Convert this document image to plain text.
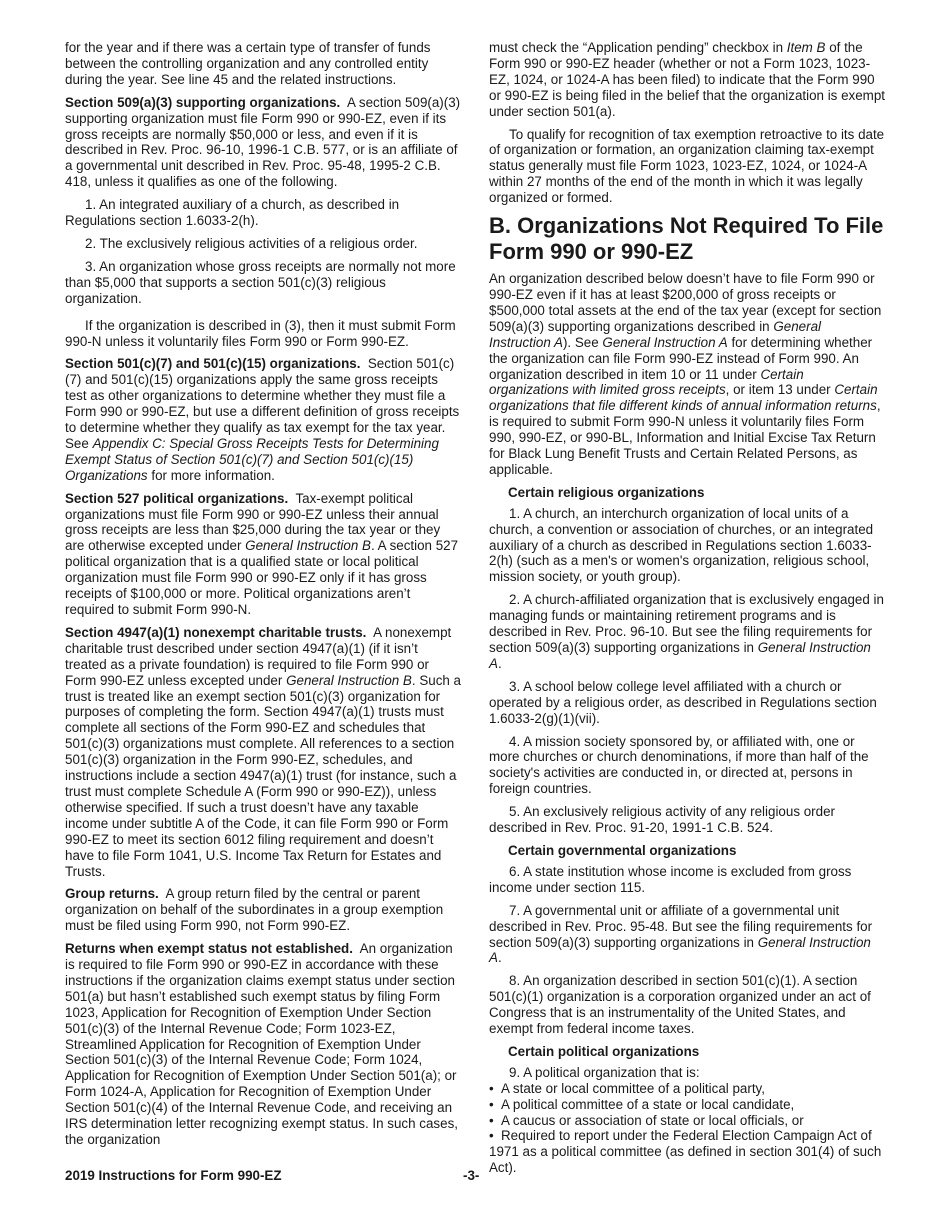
for the year and if there was a certain type of transfer of funds between the controlling organization and any controlled entity during the year. See line 45 and the related instructions.

Section 509(a)(3) supporting organizations. A section 509(a)(3) supporting organization must file Form 990 or 990-EZ, even if its gross receipts are normally $50,000 or less, and even if it is described in Rev. Proc. 96-10, 1996-1 C.B. 577, or is an affiliate of a governmental unit described in Rev. Proc. 95-48, 1995-2 C.B. 418, unless it qualifies as one of the following.

1. An integrated auxiliary of a church, as described in Regulations section 1.6033-2(h).

2. The exclusively religious activities of a religious order.

3. An organization whose gross receipts are normally not more than $5,000 that supports a section 501(c)(3) religious organization.

If the organization is described in (3), then it must submit Form 990-N unless it voluntarily files Form 990 or Form 990-EZ.

Section 501(c)(7) and 501(c)(15) organizations. Section 501(c)(7) and 501(c)(15) organizations apply the same gross receipts test as other organizations to determine whether they must file a Form 990 or 990-EZ, but use a different definition of gross receipts to determine whether they qualify as tax exempt for the tax year. See Appendix C: Special Gross Receipts Tests for Determining Exempt Status of Section 501(c)(7) and Section 501(c)(15) Organizations for more information.

Section 527 political organizations. Tax-exempt political organizations must file Form 990 or 990-EZ unless their annual gross receipts are less than $25,000 during the tax year or they are otherwise excepted under General Instruction B. A section 527 political organization that is a qualified state or local political organization must file Form 990 or 990-EZ only if it has gross receipts of $100,000 or more. Political organizations aren’t required to submit Form 990-N.

Section 4947(a)(1) nonexempt charitable trusts. A nonexempt charitable trust described under section 4947(a)(1) (if it isn’t treated as a private foundation) is required to file Form 990 or Form 990-EZ unless excepted under General Instruction B. Such a trust is treated like an exempt section 501(c)(3) organization for purposes of completing the form. Section 4947(a)(1) trusts must complete all sections of the Form 990-EZ and schedules that 501(c)(3) organizations must complete. All references to a section 501(c)(3) organization in the Form 990-EZ, schedules, and instructions include a section 4947(a)(1) trust (for instance, such a trust must complete Schedule A (Form 990 or 990-EZ)), unless otherwise specified. If such a trust doesn’t have any taxable income under subtitle A of the Code, it can file Form 990 or Form 990-EZ to meet its section 6012 filing requirement and doesn’t have to file Form 1041, U.S. Income Tax Return for Estates and Trusts.

Group returns. A group return filed by the central or parent organization on behalf of the subordinates in a group exemption must be filed using Form 990, not Form 990-EZ.

Returns when exempt status not established. An organization is required to file Form 990 or 990-EZ in accordance with these instructions if the organization claims exempt status under section 501(a) but hasn’t established such exempt status by filing Form 1023, Application for Recognition of Exemption Under Section 501(c)(3) of the Internal Revenue Code; Form 1023-EZ, Streamlined Application for Recognition of Exemption Under Section 501(c)(3) of the Internal Revenue Code; Form 1024, Application for Recognition of Exemption Under Section 501(a); or Form 1024-A, Application for Recognition of Exemption Under Section 501(c)(4) of the Internal Revenue Code, and receiving an IRS determination letter recognizing exempt status. In such cases, the organization

must check the “Application pending” checkbox in Item B of the Form 990 or 990-EZ header (whether or not a Form 1023, 1023-EZ, 1024, or 1024-A has been filed) to indicate that the Form 990 or 990-EZ is being filed in the belief that the organization is exempt under section 501(a).

To qualify for recognition of tax exemption retroactive to its date of organization or formation, an organization claiming tax-exempt status generally must file Form 1023, 1023-EZ, 1024, or 1024-A within 27 months of the end of the month in which it was legally organized or formed.

B. Organizations Not Required To File Form 990 or 990-EZ

An organization described below doesn’t have to file Form 990 or 990-EZ even if it has at least $200,000 of gross receipts or $500,000 total assets at the end of the tax year (except for section 509(a)(3) supporting organizations described in General Instruction A). See General Instruction A for determining whether the organization can file Form 990-EZ instead of Form 990. An organization described in item 10 or 11 under Certain organizations with limited gross receipts, or item 13 under Certain organizations that file different kinds of annual information returns, is required to submit Form 990-N unless it voluntarily files Form 990, 990-EZ, or 990-BL, Information and Initial Excise Tax Return for Black Lung Benefit Trusts and Certain Related Persons, as applicable.

Certain religious organizations

1. A church, an interchurch organization of local units of a church, a convention or association of churches, or an integrated auxiliary of a church as described in Regulations section 1.6033-2(h) (such as a men's or women's organization, religious school, mission society, or youth group).

2. A church-affiliated organization that is exclusively engaged in managing funds or maintaining retirement programs and is described in Rev. Proc. 96-10. But see the filing requirements for section 509(a)(3) supporting organizations in General Instruction A.

3. A school below college level affiliated with a church or operated by a religious order, as described in Regulations section 1.6033-2(g)(1)(vii).

4. A mission society sponsored by, or affiliated with, one or more churches or church denominations, if more than half of the society's activities are conducted in, or directed at, persons in foreign countries.

5. An exclusively religious activity of any religious order described in Rev. Proc. 91-20, 1991-1 C.B. 524.

Certain governmental organizations

6. A state institution whose income is excluded from gross income under section 115.

7. A governmental unit or affiliate of a governmental unit described in Rev. Proc. 95-48. But see the filing requirements for section 509(a)(3) supporting organizations in General Instruction A.

8. An organization described in section 501(c)(1). A section 501(c)(1) organization is a corporation organized under an act of Congress that is an instrumentality of the United States, and exempt from federal income taxes.

Certain political organizations

9. A political organization that is:

• A state or local committee of a political party,

• A political committee of a state or local candidate,

• A caucus or association of state or local officials, or

• Required to report under the Federal Election Campaign Act of 1971 as a political committee (as defined in section 301(4) of such Act).

2019 Instructions for Form 990-EZ	-3-
